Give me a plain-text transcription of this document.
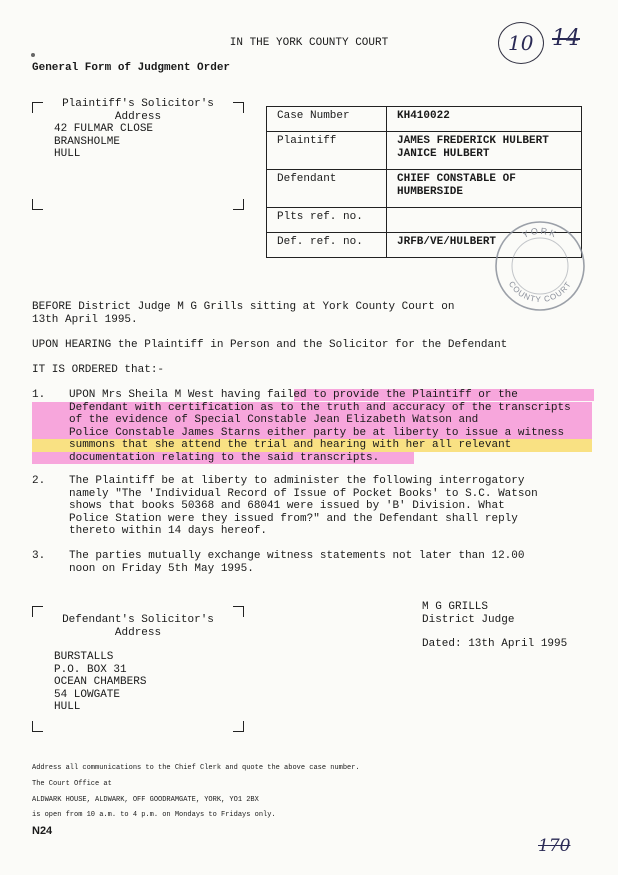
IN THE YORK COUNTY COURT
General Form of Judgment Order
10 14
Plaintiff's Solicitor's
Address
42 FULMAR CLOSE
BRANSHOLME
HULL
Case Number	KH410022

Plaintiff	JAMES FREDERICK HULBERT
JANICE HULBERT

Defendant	CHIEF CONSTABLE OF
HUMBERSIDE

Plts ref. no.	

Def. ref. no.	JRFB/VE/HULBERT
YORK
COUNTY COURT
BEFORE District Judge M G Grills sitting at York County Court on
13th April 1995.
UPON HEARING the Plaintiff in Person and the Solicitor for the Defendant
IT IS ORDERED that:-
1. UPON Mrs Sheila M West having failed to provide the Plaintiff or the
Defendant with certification as to the truth and accuracy of the transcripts
of the evidence of Special Constable Jean Elizabeth Watson and
Police Constable James Starns either party be at liberty to issue a witness
summons that she attend the trial and hearing with her all relevant
documentation relating to the said transcripts.
2. The Plaintiff be at liberty to administer the following interrogatory
namely "The 'Individual Record of Issue of Pocket Books' to S.C. Watson
shows that books 50368 and 68041 were issued by 'B' Division. What
Police Station were they issued from?" and the Defendant shall reply
thereto within 14 days hereof.
3. The parties mutually exchange witness statements not later than 12.00
noon on Friday 5th May 1995.
Defendant's Solicitor's
Address
BURSTALLS
P.O. BOX 31
OCEAN CHAMBERS
54 LOWGATE
HULL
M G GRILLS
District Judge
Dated: 13th April 1995
Address all communications to the Chief Clerk and quote the above case number.
The Court Office at
ALDWARK HOUSE, ALDWARK, OFF GOODRAMGATE, YORK, YO1 2BX
is open from 10 a.m. to 4 p.m. on Mondays to Fridays only.
N24
170
